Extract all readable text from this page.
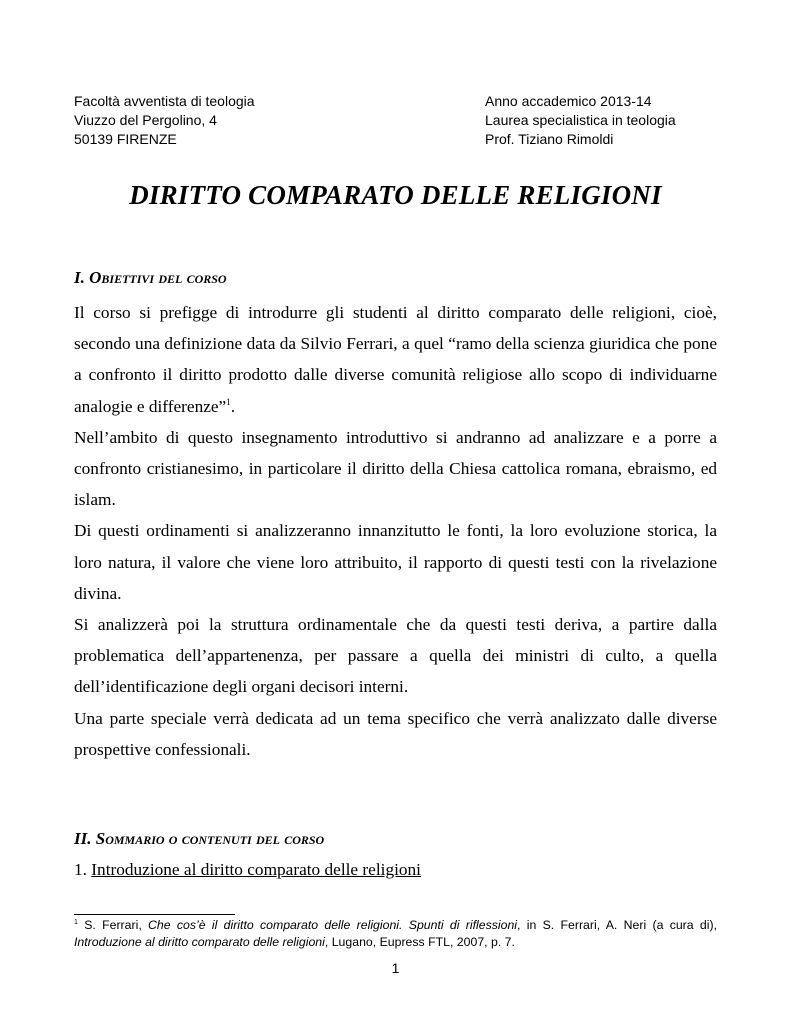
Facoltà avventista di teologia
Viuzzo del Pergolino, 4
50139 FIRENZE
Anno accademico 2013-14
Laurea specialistica in teologia
Prof. Tiziano Rimoldi
DIRITTO COMPARATO DELLE RELIGIONI
I. Obiettivi del corso

Il corso si prefigge di introdurre gli studenti al diritto comparato delle religioni, cioè, secondo una definizione data da Silvio Ferrari, a quel “ramo della scienza giuridica che pone a confronto il diritto prodotto dalle diverse comunità religiose allo scopo di individuarne analogie e differenze”$^1$.

Nell’ambito di questo insegnamento introduttivo si andranno ad analizzare e a porre a confronto cristianesimo, in particolare il diritto della Chiesa cattolica romana, ebraismo, ed islam.

Di questi ordinamenti si analizzeranno innanzitutto le fonti, la loro evoluzione storica, la loro natura, il valore che viene loro attribuito, il rapporto di questi testi con la rivelazione divina.

Si analizzerà poi la struttura ordinamentale che da questi testi deriva, a partire dalla problematica dell’appartenenza, per passare a quella dei ministri di culto, a quella dell’identificazione degli organi decisori interni.

Una parte speciale verrà dedicata ad un tema specifico che verrà analizzato dalle diverse prospettive confessionali.

II. Sommario o contenuti del corso
1. Introduzione al diritto comparato delle religioni
$^1$ S. Ferrari, Che cos’è il diritto comparato delle religioni. Spunti di riflessioni, in S. Ferrari, A. Neri (a cura di), Introduzione al diritto comparato delle religioni, Lugano, Eupress FTL, 2007, p. 7.
1
